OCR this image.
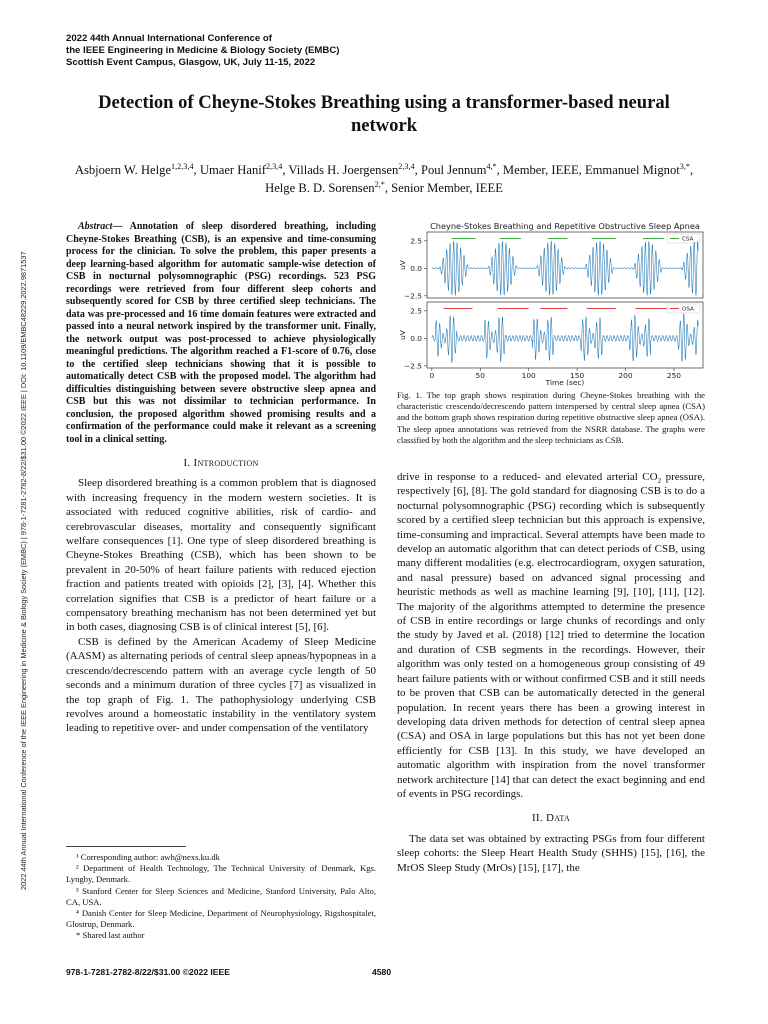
2022 44th Annual International Conference of
the IEEE Engineering in Medicine & Biology Society (EMBC)
Scottish Event Campus, Glasgow, UK, July 11-15, 2022
2022 44th Annual International Conference of the IEEE Engineering in Medicine & Biology Society (EMBC) | 978-1-7281-2782-8/22/$31.00 ©2022 IEEE | DOI: 10.1109/EMBC48229.2022.9871537
Detection of Cheyne-Stokes Breathing using a transformer-based neural network
Asbjoern W. Helge$^{1,2,3,4}$, Umaer Hanif$^{2,3,4}$, Villads H. Joergensen$^{2,3,4}$, Poul Jennum$^{4,*}$, Member, IEEE, Emmanuel Mignot$^{3,*}$, Helge B. D. Sorensen$^{2,*}$, Senior Member, IEEE

Abstract— Annotation of sleep disordered breathing, including Cheyne-Stokes Breathing (CSB), is an expensive and time-consuming process for the clinician. To solve the problem, this paper presents a deep learning-based algorithm for automatic sample-wise detection of CSB in nocturnal polysomnographic (PSG) recordings. 523 PSG recordings were retrieved from four different sleep cohorts and subsequently scored for CSB by three certified sleep technicians. The data was pre-processed and 16 time domain features were extracted and passed into a neural network inspired by the transformer unit. Finally, the network output was post-processed to achieve physiologically meaningful predictions. The algorithm reached a F1-score of 0.76, close to the certified sleep technicians showing that it is possible to automatically detect CSB with the proposed model. The algorithm had difficulties distinguishing between severe obstructive sleep apnea and CSB but this was not dissimilar to technician performance. In conclusion, the proposed algorithm showed promising results and a confirmation of the performance could make it relevant as a screening tool in a clinical setting.

I. Introduction

Sleep disordered breathing is a common problem that is diagnosed with increasing frequency in the modern western societies. It is associated with reduced cognitive abilities, risk of cardio- and cerebrovascular diseases, mortality and consequently significant welfare consequences [1]. One type of sleep disordered breathing is Cheyne-Stokes Breathing (CSB), which has been shown to be prevalent in 20-50% of heart failure patients with reduced ejection fraction and patients treated with opioids [2], [3], [4]. Whether this correlation signifies that CSB is a predictor of heart failure or a compensatory breathing mechanism has not been determined yet but in both cases, diagnosing CSB is of clinical interest [5], [6].

CSB is defined by the American Academy of Sleep Medicine (AASM) as alternating periods of central sleep apneas/hypopneas in a crescendo/decrescendo pattern with an average cycle length of 50 seconds and a minimum duration of three cycles [7] as visualized in the top graph of Fig. 1. The pathophysiology underlying CSB revolves around a homeostatic instability in the ventilatory system leading to repetitive over- and under compensation of the ventilatory

¹ Corresponding author: awh@nexs.ku.dk

² Department of Health Technology, The Technical University of Denmark, Kgs. Lyngby, Denmark.

³ Stanford Center for Sleep Sciences and Medicine, Stanford University, Palo Alto, CA, USA.

⁴ Danish Center for Sleep Medicine, Department of Neurophysiology, Rigshospitalet, Glostrup, Denmark.

* Shared last author

Cheyne-Stokes Breathing and Repetitive Obstructive Sleep Apnea
2.5
0.0
−2.5
uV
CSA
2.5
0.0
−2.5
uV
OSA
0	50	100	150	200	250
Time (sec)
Fig. 1. The top graph shows respiration during Cheyne-Stokes breathing with the characteristic crescendo/decrescendo pattern interspersed by central sleep apnea (CSA) and the bottom graph shows respiration during repetitive obstructive sleep apnea (OSA). The sleep apnea annotations was retrieved from the NSRR database. The graphs were classified by both the algorithm and the sleep technicians as CSB.

drive in response to a reduced- and elevated arterial $CO_2$ pressure, respectively [6], [8]. The gold standard for diagnosing CSB is to do a nocturnal polysomnographic (PSG) recording which is subsequently scored by a certified sleep technician but this approach is expensive, time-consuming and impractical. Several attempts have been made to develop an automatic algorithm that can detect periods of CSB, using many different modalities (e.g. electrocardiogram, oxygen saturation, and nasal pressure) based on advanced signal processing and heuristic methods as well as machine learning [9], [10], [11], [12]. The majority of the algorithms attempted to determine the presence of CSB in entire recordings or large chunks of recordings and only the study by Javed et al. (2018) [12] tried to determine the location and duration of CSB segments in the recordings. However, their algorithm was only tested on a homogeneous group consisting of 49 heart failure patients with or without confirmed CSB and it still needs to be proven that CSB can be automatically detected in the general population. In recent years there has been a growing interest in developing data driven methods for detection of central sleep apnea (CSA) and OSA in large populations but this has not yet been done efficiently for CSB [13]. In this study, we have developed an automatic algorithm with inspiration from the novel transformer network architecture [14] that can detect the exact beginning and end of events in PSG recordings.

II. Data

The data set was obtained by extracting PSGs from four different sleep cohorts: the Sleep Heart Health Study (SHHS) [15], [16], the MrOS Sleep Study (MrOs) [15], [17], the

978-1-7281-2782-8/22/$31.00 ©2022 IEEE	4580
